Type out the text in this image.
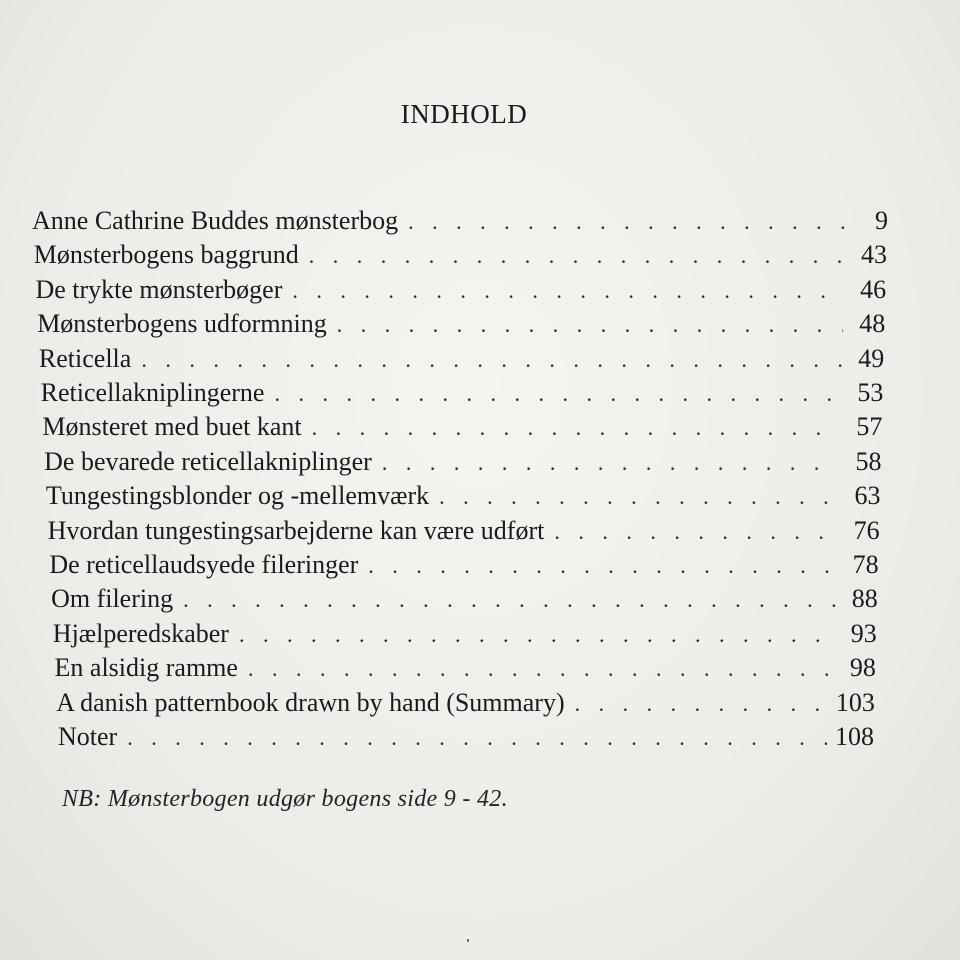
INDHOLD
Anne Cathrine Buddes mønsterbog . . .	9
Mønsterbogens baggrund . . .	43
De trykte mønsterbøger . . .	46
Mønsterbogens udformning . . .	48
Reticella . . .	49
Reticellakniplingerne . . .	53
Mønsteret med buet kant . . .	57
De bevarede reticellakniplinger . . .	58
Tungestingsblonder og -mellemværk . . .	63
Hvordan tungestingsarbejderne kan være udført . . .	76
De reticellaudsyede fileringer . . .	78
Om filering . . .	88
Hjælperedskaber . . .	93
En alsidig ramme . . .	98
A danish patternbook drawn by hand (Summary) . . .	103
Noter . . .	108
NB: Mønsterbogen udgør bogens side 9 - 42.
